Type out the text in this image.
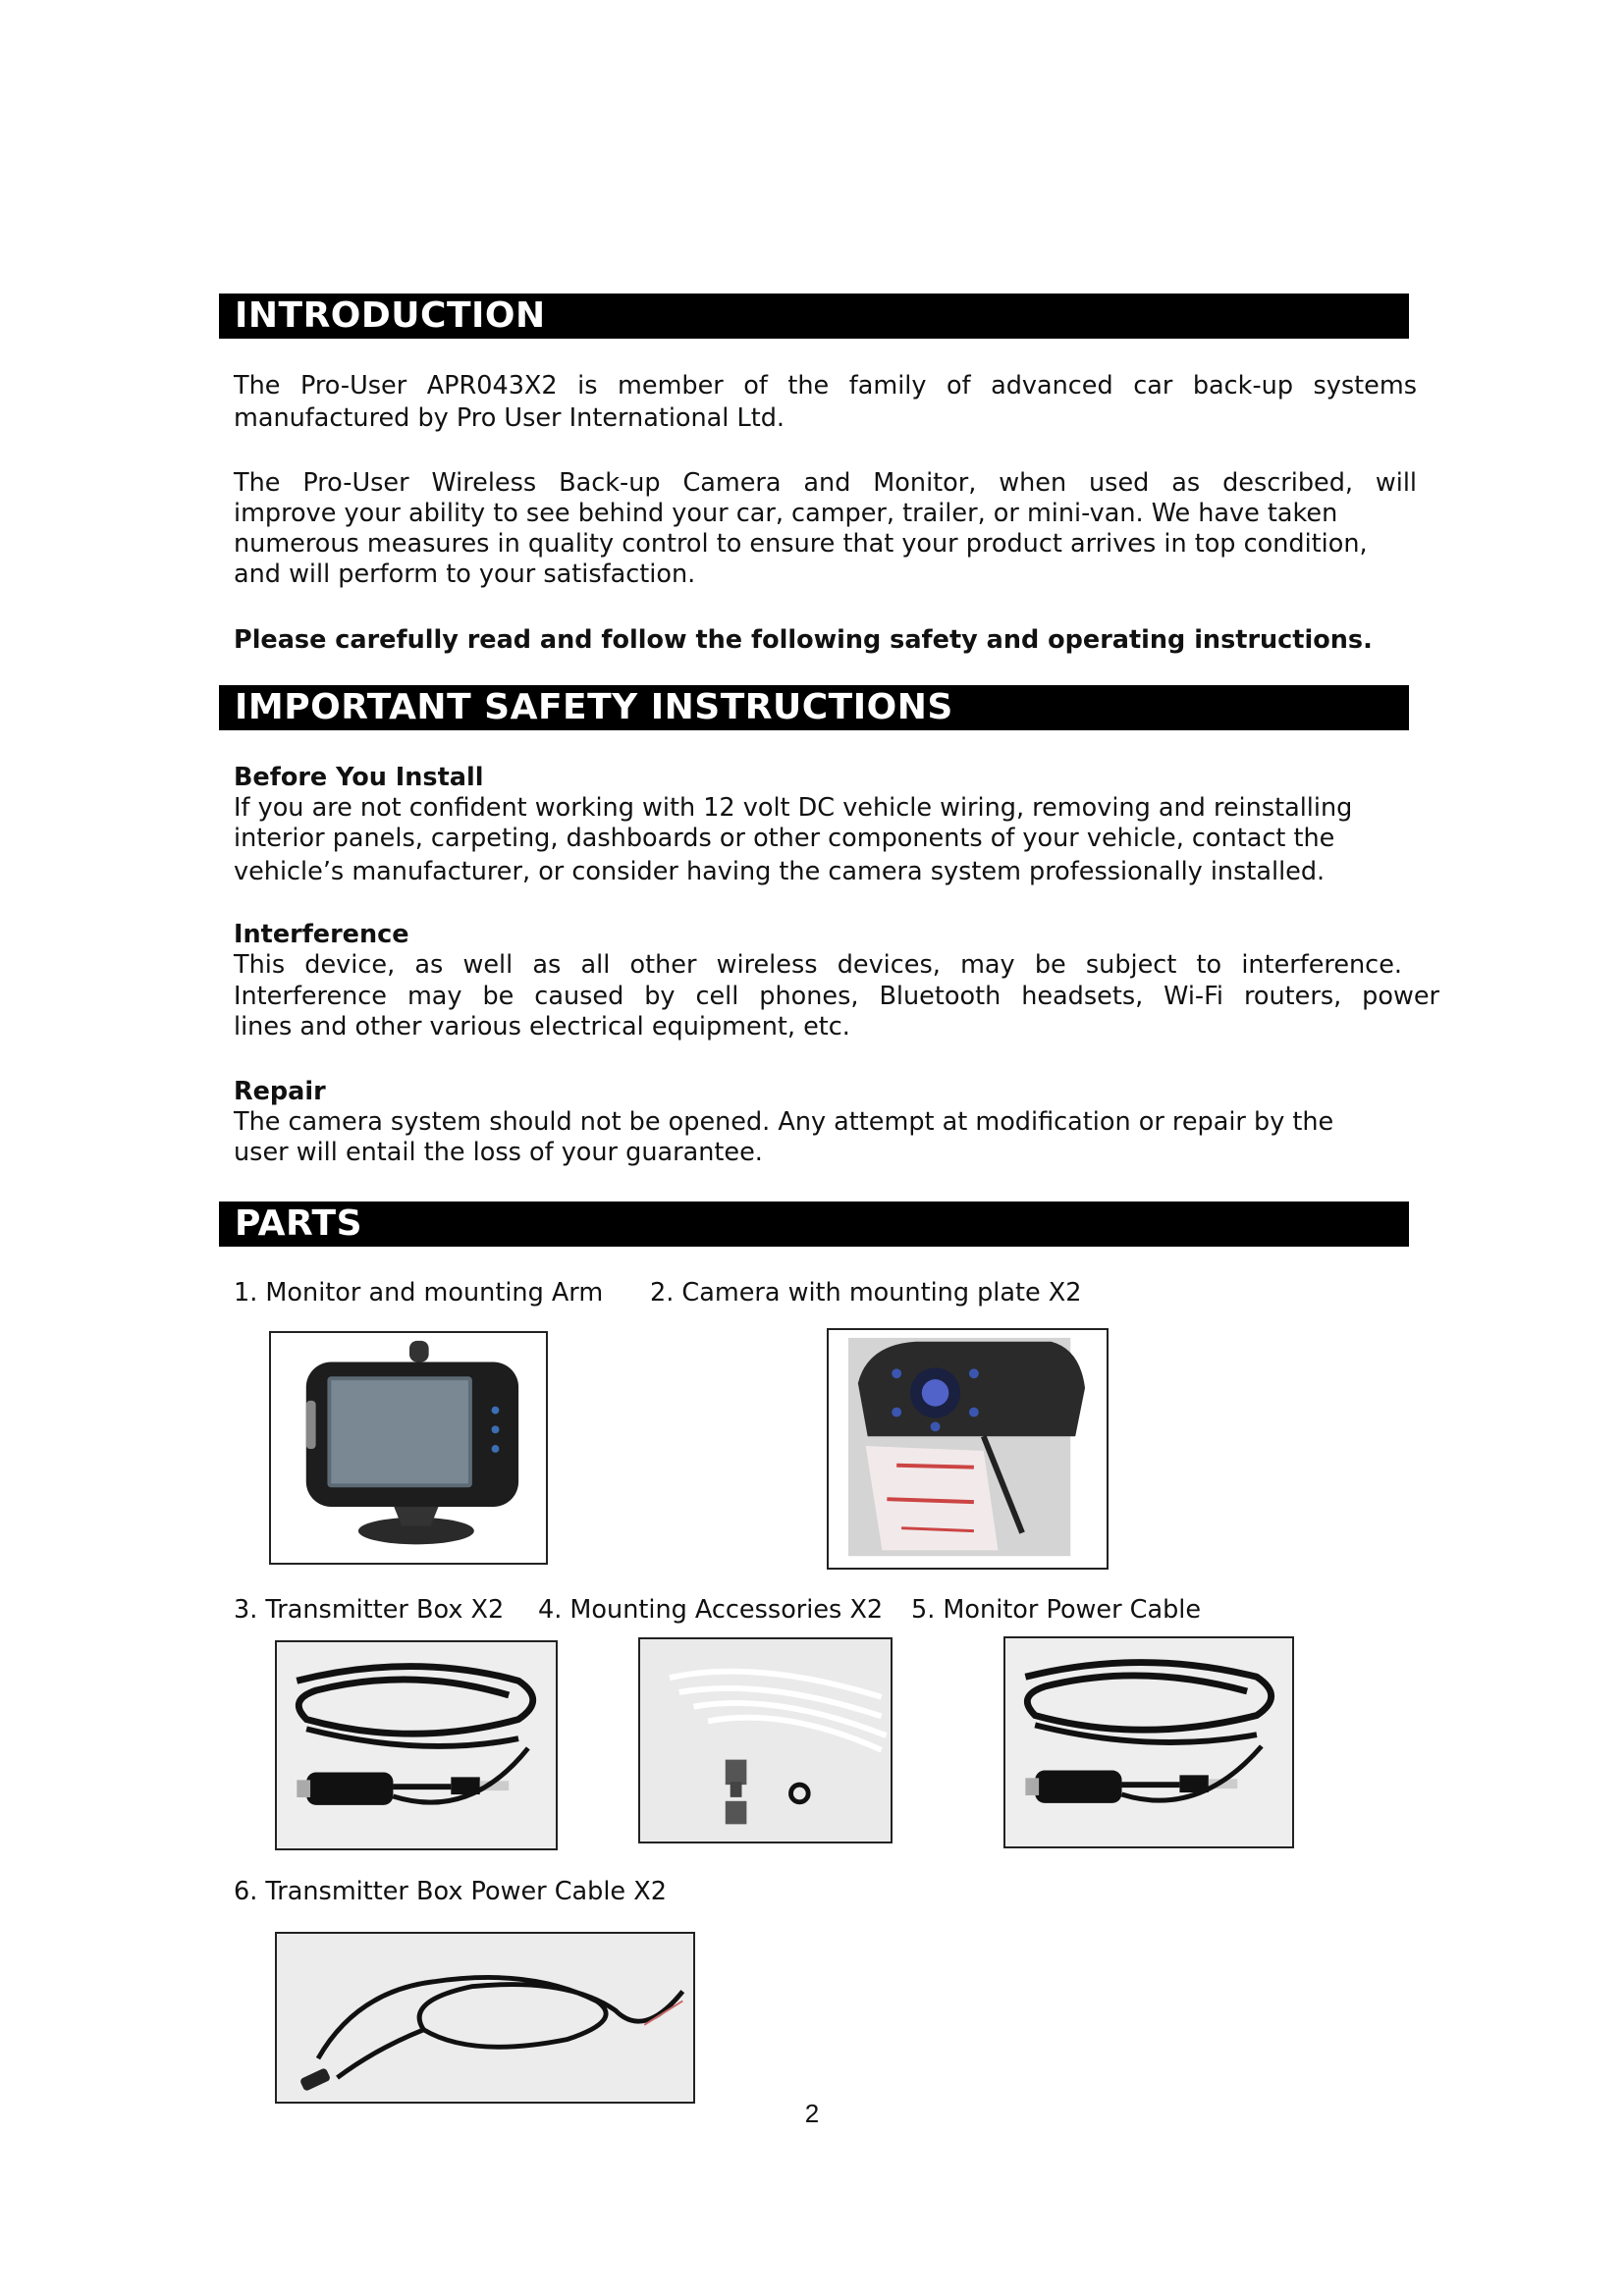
INTRODUCTION

The Pro-User APR043X2 is member of the family of advanced car back-up systems

manufactured by Pro User International Ltd.

The Pro-User Wireless Back-up Camera and Monitor, when used as described, will

improve your ability to see behind your car, camper, trailer, or mini-van. We have taken

numerous measures in quality control to ensure that your product arrives in top condition,

and will perform to your satisfaction.

Please carefully read and follow the following safety and operating instructions.

IMPORTANT SAFETY INSTRUCTIONS

Before You Install

If you are not confident working with 12 volt DC vehicle wiring, removing and reinstalling

interior panels, carpeting, dashboards or other components of your vehicle, contact the

vehicle’s manufacturer, or consider having the camera system professionally installed.

Interference

This device, as well as all other wireless devices, may be subject to interference.

Interference may be caused by cell phones, Bluetooth headsets, Wi-Fi routers, power

lines and other various electrical equipment, etc.

Repair

The camera system should not be opened. Any attempt at modification or repair by the

user will entail the loss of your guarantee.

PARTS

1. Monitor and mounting Arm 2. Camera with mounting plate X2

3. Transmitter Box X2 4. Mounting Accessories X2 5. Monitor Power Cable

6. Transmitter Box Power Cable X2

2
